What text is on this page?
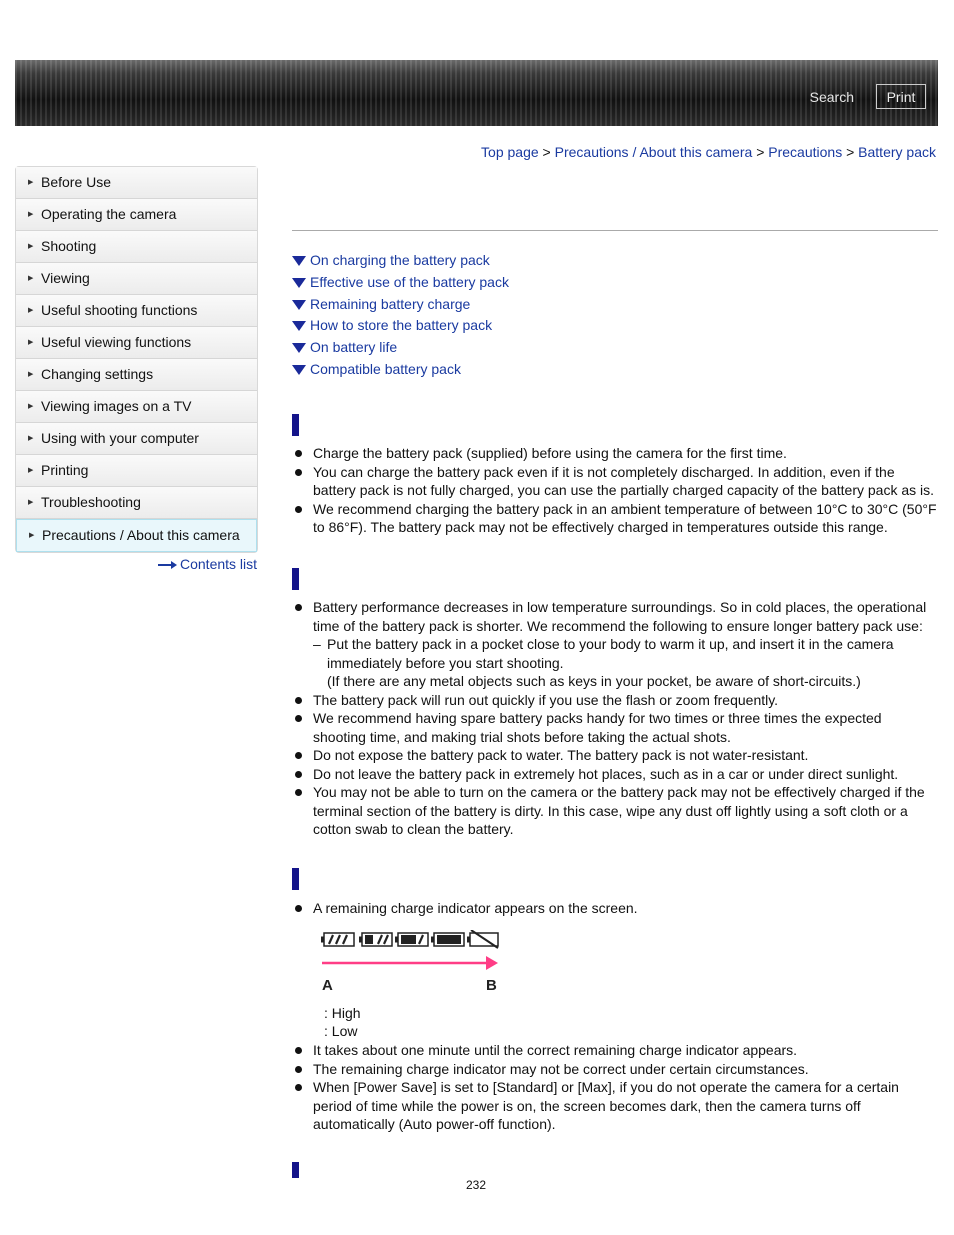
Search	Print
Top page > Precautions / About this camera > Precautions > Battery pack
▶ Before Use
▶ Operating the camera
▶ Shooting
▶ Viewing
▶ Useful shooting functions
▶ Useful viewing functions
▶ Changing settings
▶ Viewing images on a TV
▶ Using with your computer
▶ Printing
▶ Troubleshooting
▶ Precautions / About this camera
Contents list
On charging the battery pack
Effective use of the battery pack
Remaining battery charge
How to store the battery pack
On battery life
Compatible battery pack

Charge the battery pack (supplied) before using the camera for the first time.

You can charge the battery pack even if it is not completely discharged. In addition, even if the battery pack is not fully charged, you can use the partially charged capacity of the battery pack as is.

We recommend charging the battery pack in an ambient temperature of between 10°C to 30°C (50°F to 86°F). The battery pack may not be effectively charged in temperatures outside this range.

Battery performance decreases in low temperature surroundings. So in cold places, the operational time of the battery pack is shorter. We recommend the following to ensure longer battery pack use:

– Put the battery pack in a pocket close to your body to warm it up, and insert it in the camera immediately before you start shooting.

(If there are any metal objects such as keys in your pocket, be aware of short-circuits.)

The battery pack will run out quickly if you use the flash or zoom frequently.

We recommend having spare battery packs handy for two times or three times the expected shooting time, and making trial shots before taking the actual shots.

Do not expose the battery pack to water. The battery pack is not water-resistant.

Do not leave the battery pack in extremely hot places, such as in a car or under direct sunlight.

You may not be able to turn on the camera or the battery pack may not be effectively charged if the terminal section of the battery is dirty. In this case, wipe any dust off lightly using a soft cloth or a cotton swab to clean the battery.

A remaining charge indicator appears on the screen.

A	B
: High
: Low

It takes about one minute until the correct remaining charge indicator appears.

The remaining charge indicator may not be correct under certain circumstances.

When [Power Save] is set to [Standard] or [Max], if you do not operate the camera for a certain period of time while the power is on, the screen becomes dark, then the camera turns off automatically (Auto power-off function).

232
